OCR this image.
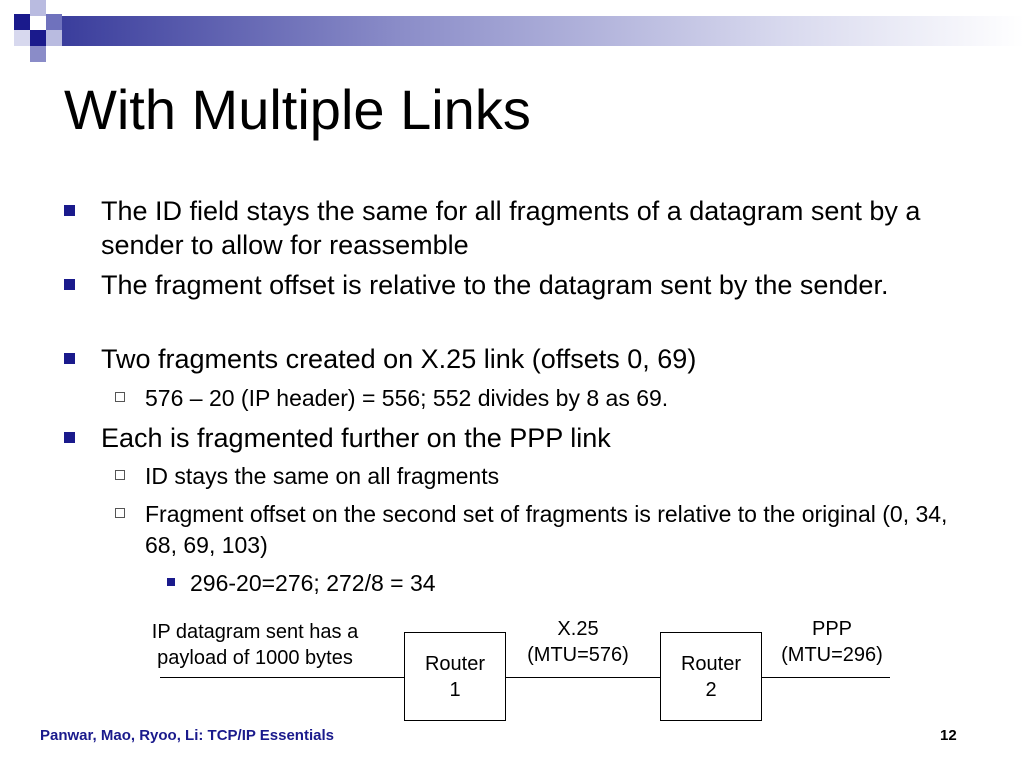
With Multiple Links
The ID field stays the same for all fragments of a datagram sent by a sender to allow for reassemble
The fragment offset is relative to the datagram sent by the sender.
Two fragments created on X.25 link (offsets 0, 69)
576 – 20 (IP header) = 556; 552 divides by 8 as 69.
Each is fragmented further on the PPP link
ID stays the same on all fragments
Fragment offset on the second set of fragments is relative to the original (0, 34, 68, 69, 103)
296-20=276; 272/8 = 34
IP datagram sent has a
payload of 1000 bytes	Router
1
X.25
(MTU=576)	Router
2
PPP
(MTU=296)
Panwar, Mao, Ryoo, Li: TCP/IP Essentials	12
